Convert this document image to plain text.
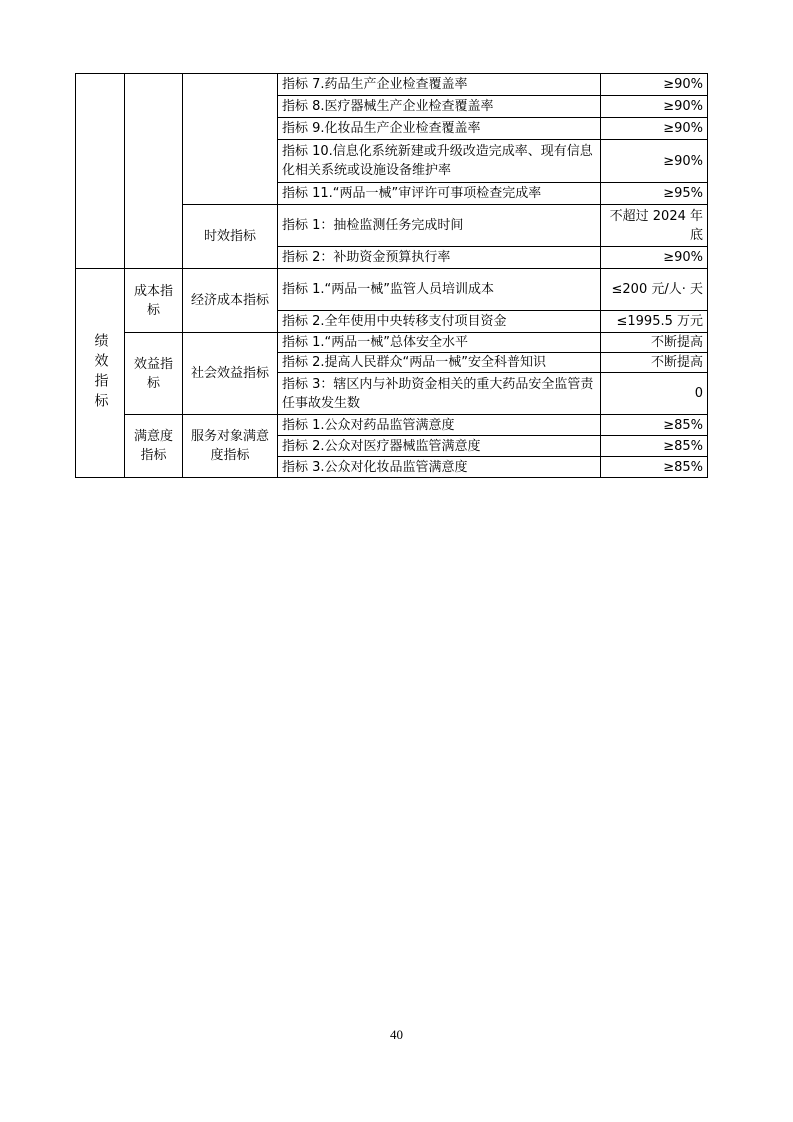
			指标 7.药品生产企业检查覆盖率	≥90%
			指标 8.医疗器械生产企业检查覆盖率	≥90%
			指标 9.化妆品生产企业检查覆盖率	≥90%
			指标 10.信息化系统新建或升级改造完成率、现有信息化相关系统或设施设备维护率	≥90%
			指标 11.“两品一械”审评许可事项检查完成率	≥95%
		时效指标	指标 1：抽检监测任务完成时间	不超过 2024 年底
			指标 2：补助资金预算执行率	≥90%
绩效指标	成本指标	经济成本指标	指标 1.“两品一械”监管人员培训成本	≤200 元/人· 天
			指标 2.全年使用中央转移支付项目资金	≤1995.5 万元
	效益指标	社会效益指标	指标 1.“两品一械”总体安全水平	不断提高
			指标 2.提高人民群众“两品一械”安全科普知识	不断提高
			指标 3：辖区内与补助资金相关的重大药品安全监管责任事故发生数	0
	满意度指标	服务对象满意度指标	指标 1.公众对药品监管满意度	≥85%
			指标 2.公众对医疗器械监管满意度	≥85%
			指标 3.公众对化妆品监管满意度	≥85%
40
